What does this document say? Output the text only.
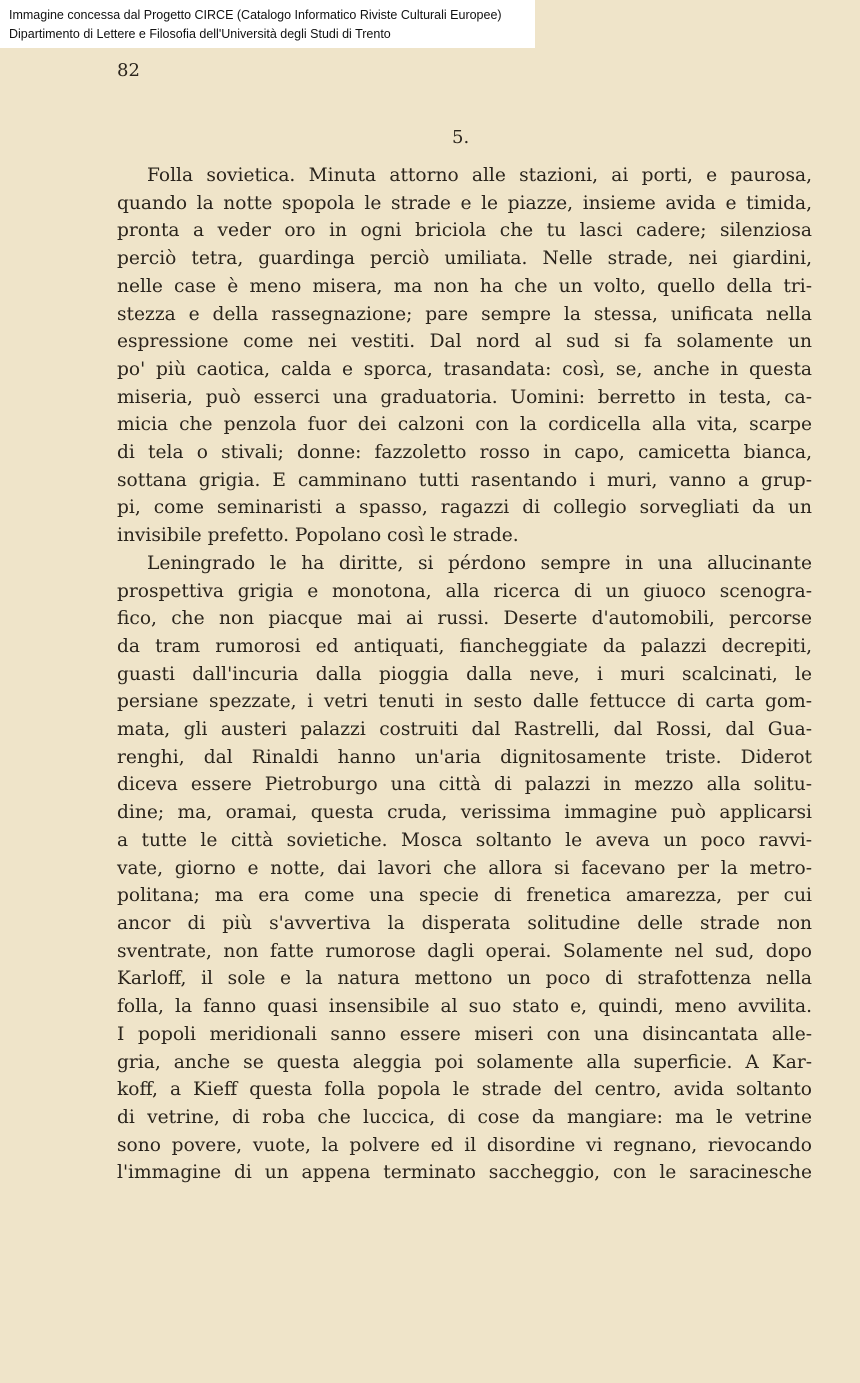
Immagine concessa dal Progetto CIRCE (Catalogo Informatico Riviste Culturali Europee)
Dipartimento di Lettere e Filosofia dell'Università degli Studi di Trento
82
5.

Folla sovietica. Minuta attorno alle stazioni, ai porti, e paurosa,
quando la notte spopola le strade e le piazze, insieme avida e timida,
pronta a veder oro in ogni briciola che tu lasci cadere; silenziosa
perciò tetra, guardinga perciò umiliata. Nelle strade, nei giardini,
nelle case è meno misera, ma non ha che un volto, quello della tri-
stezza e della rassegnazione; pare sempre la stessa, unificata nella
espressione come nei vestiti. Dal nord al sud si fa solamente un
po' più caotica, calda e sporca, trasandata: così, se, anche in questa
miseria, può esserci una graduatoria. Uomini: berretto in testa, ca-
micia che penzola fuor dei calzoni con la cordicella alla vita, scarpe
di tela o stivali; donne: fazzoletto rosso in capo, camicetta bianca,
sottana grigia. E camminano tutti rasentando i muri, vanno a grup-
pi, come seminaristi a spasso, ragazzi di collegio sorvegliati da un
invisibile prefetto. Popolano così le strade.

Leningrado le ha diritte, si pérdono sempre in una allucinante
prospettiva grigia e monotona, alla ricerca di un giuoco scenogra-
fico, che non piacque mai ai russi. Deserte d'automobili, percorse
da tram rumorosi ed antiquati, fiancheggiate da palazzi decrepiti,
guasti dall'incuria dalla pioggia dalla neve, i muri scalcinati, le
persiane spezzate, i vetri tenuti in sesto dalle fettucce di carta gom-
mata, gli austeri palazzi costruiti dal Rastrelli, dal Rossi, dal Gua-
renghi, dal Rinaldi hanno un'aria dignitosamente triste. Diderot
diceva essere Pietroburgo una città di palazzi in mezzo alla solitu-
dine; ma, oramai, questa cruda, verissima immagine può applicarsi
a tutte le città sovietiche. Mosca soltanto le aveva un poco ravvi-
vate, giorno e notte, dai lavori che allora si facevano per la metro-
politana; ma era come una specie di frenetica amarezza, per cui
ancor di più s'avvertiva la disperata solitudine delle strade non
sventrate, non fatte rumorose dagli operai. Solamente nel sud, dopo
Karloff, il sole e la natura mettono un poco di strafottenza nella
folla, la fanno quasi insensibile al suo stato e, quindi, meno avvilita.
I popoli meridionali sanno essere miseri con una disincantata alle-
gria, anche se questa aleggia poi solamente alla superficie. A Kar-
koff, a Kieff questa folla popola le strade del centro, avida soltanto
di vetrine, di roba che luccica, di cose da mangiare: ma le vetrine
sono povere, vuote, la polvere ed il disordine vi regnano, rievocando
l'immagine di un appena terminato saccheggio, con le saracinesche
